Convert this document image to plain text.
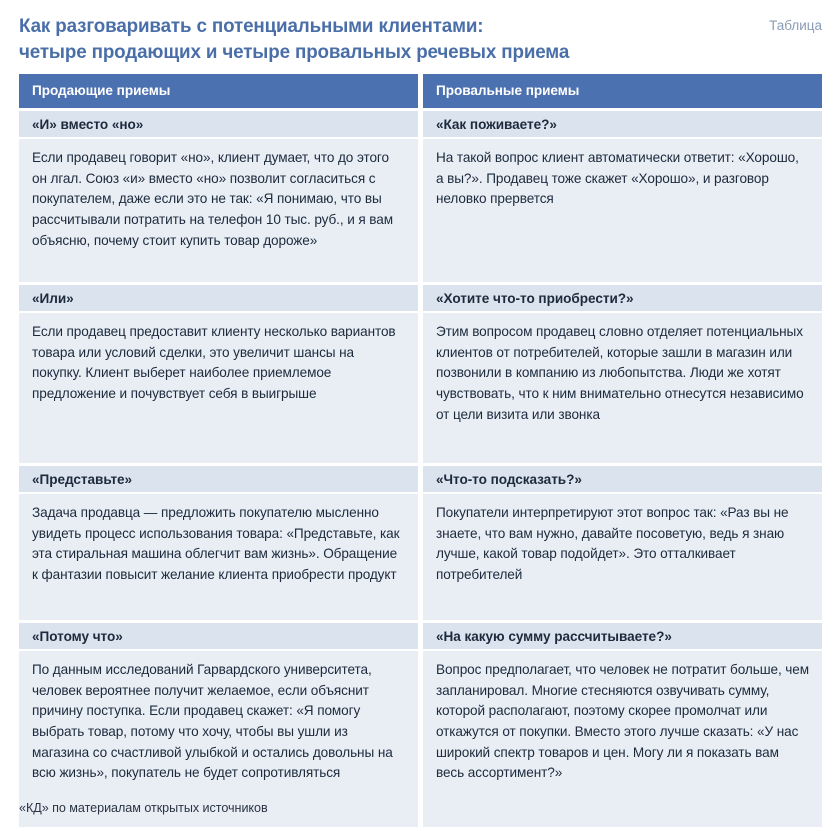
Как разговаривать с потенциальными клиентами:
четыре продающих и четыре провальных речевых приема
Таблица
Продающие приемы
«И» вместо «но»
Если продавец говорит «но», клиент думает, что до этого он лгал. Союз «и» вместо «но» позволит согласиться с покупателем, даже если это не так: «Я понимаю, что вы рассчитывали потратить на телефон 10 тыс. руб., и я вам объясню, почему стоит купить товар дороже»
«Или»
Если продавец предоставит клиенту несколько вариантов товара или условий сделки, это увеличит шансы на покупку. Клиент выберет наиболее приемлемое предложение и почувствует себя в выигрыше
«Представьте»
Задача продавца — предложить покупателю мысленно увидеть процесс использования товара: «Представьте, как эта стиральная машина облегчит вам жизнь». Обращение к фантазии повысит желание клиента приобрести продукт
«Потому что»
По данным исследований Гарвардского университета, человек вероятнее получит желаемое, если объяснит причину поступка. Если продавец скажет: «Я помогу выбрать товар, потому что хочу, чтобы вы ушли из магазина со счастливой улыбкой и остались довольны на всю жизнь», покупатель не будет сопротивляться
Провальные приемы
«Как поживаете?»
На такой вопрос клиент автоматически ответит: «Хорошо, а вы?». Продавец тоже скажет «Хорошо», и разговор неловко прервется
«Хотите что-то приобрести?»
Этим вопросом продавец словно отделяет потенциальных клиентов от потребителей, которые зашли в магазин или позвонили в компанию из любопытства. Люди же хотят чувствовать, что к ним внимательно отнесутся независимо от цели визита или звонка
«Что-то подсказать?»
Покупатели интерпретируют этот вопрос так: «Раз вы не знаете, что вам нужно, давайте посоветую, ведь я знаю лучше, какой товар подойдет». Это отталкивает потребителей
«На какую сумму рассчитываете?»
Вопрос предполагает, что человек не потратит больше, чем запланировал. Многие стесняются озвучивать сумму, которой располагают, поэтому скорее промолчат или откажутся от покупки. Вместо этого лучше сказать: «У нас широкий спектр товаров и цен. Могу ли я показать вам весь ассортимент?»
«КД» по материалам открытых источников
